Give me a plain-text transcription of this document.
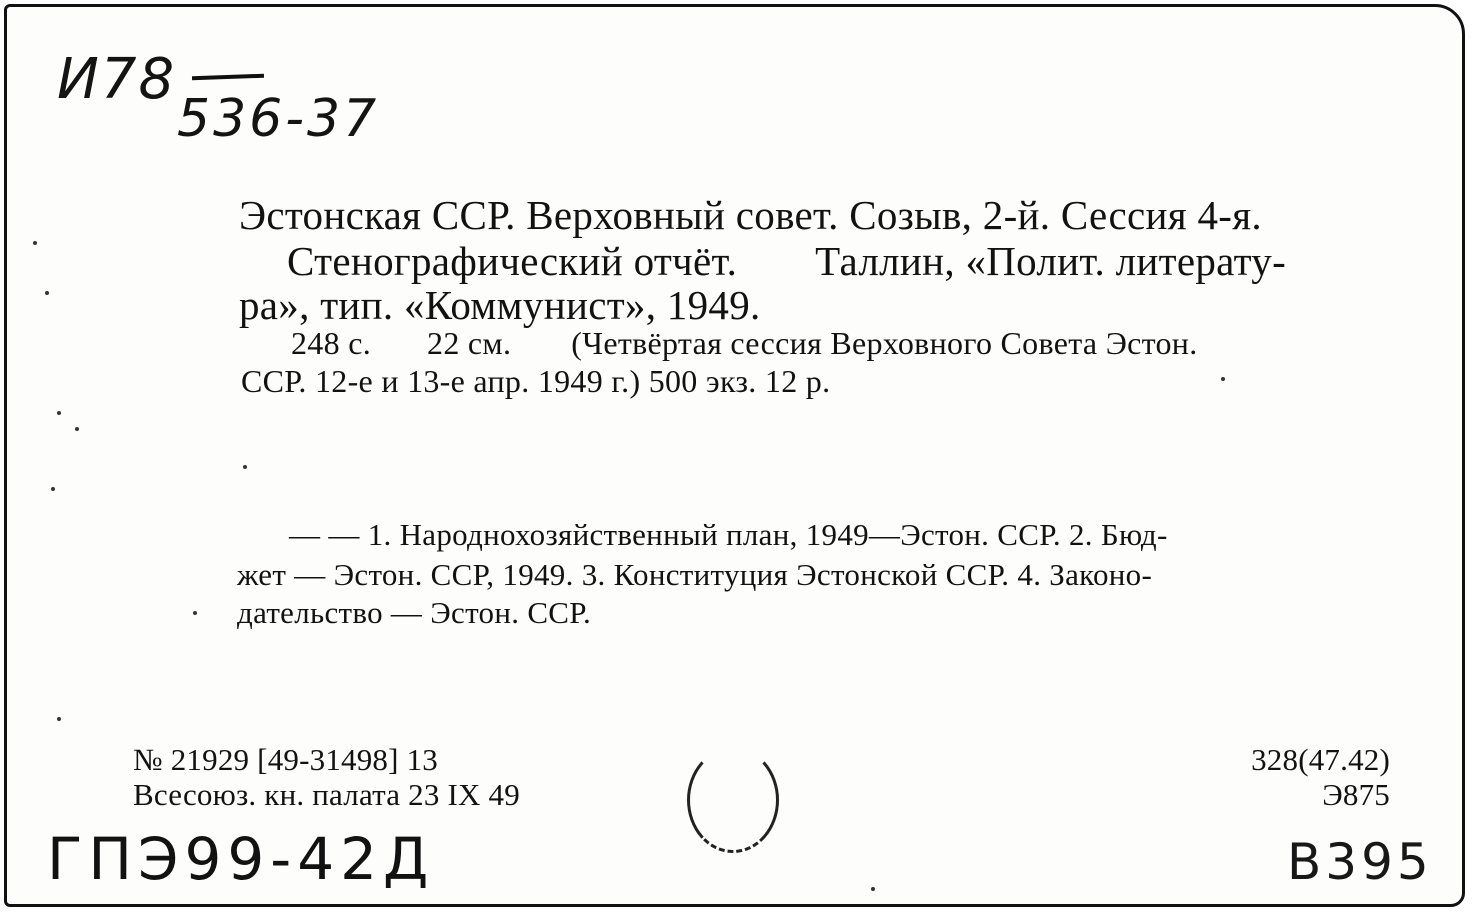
И78
536-37
Эстонская ССР. Верховный совет. Созыв, 2-й. Сессия 4-я.
Стенографический отчёт. Таллин, «Полит. литерату-
ра», тип. «Коммунист», 1949.
248 с. 22 см. (Четвёртая сессия Верховного Совета Эстон.
ССР. 12-е и 13-е апр. 1949 г.) 500 экз. 12 р.
— — 1. Народнохозяйственный план, 1949—Эстон. ССР. 2. Бюд-
жет — Эстон. ССР, 1949. 3. Конституция Эстонской ССР. 4. Законо-
дательство — Эстон. ССР.
№ 21929 [49-31498] 13
Всесоюз. кн. палата 23 IX 49
328(47.42)
Э875
ГПЭ99-42Д	В395
